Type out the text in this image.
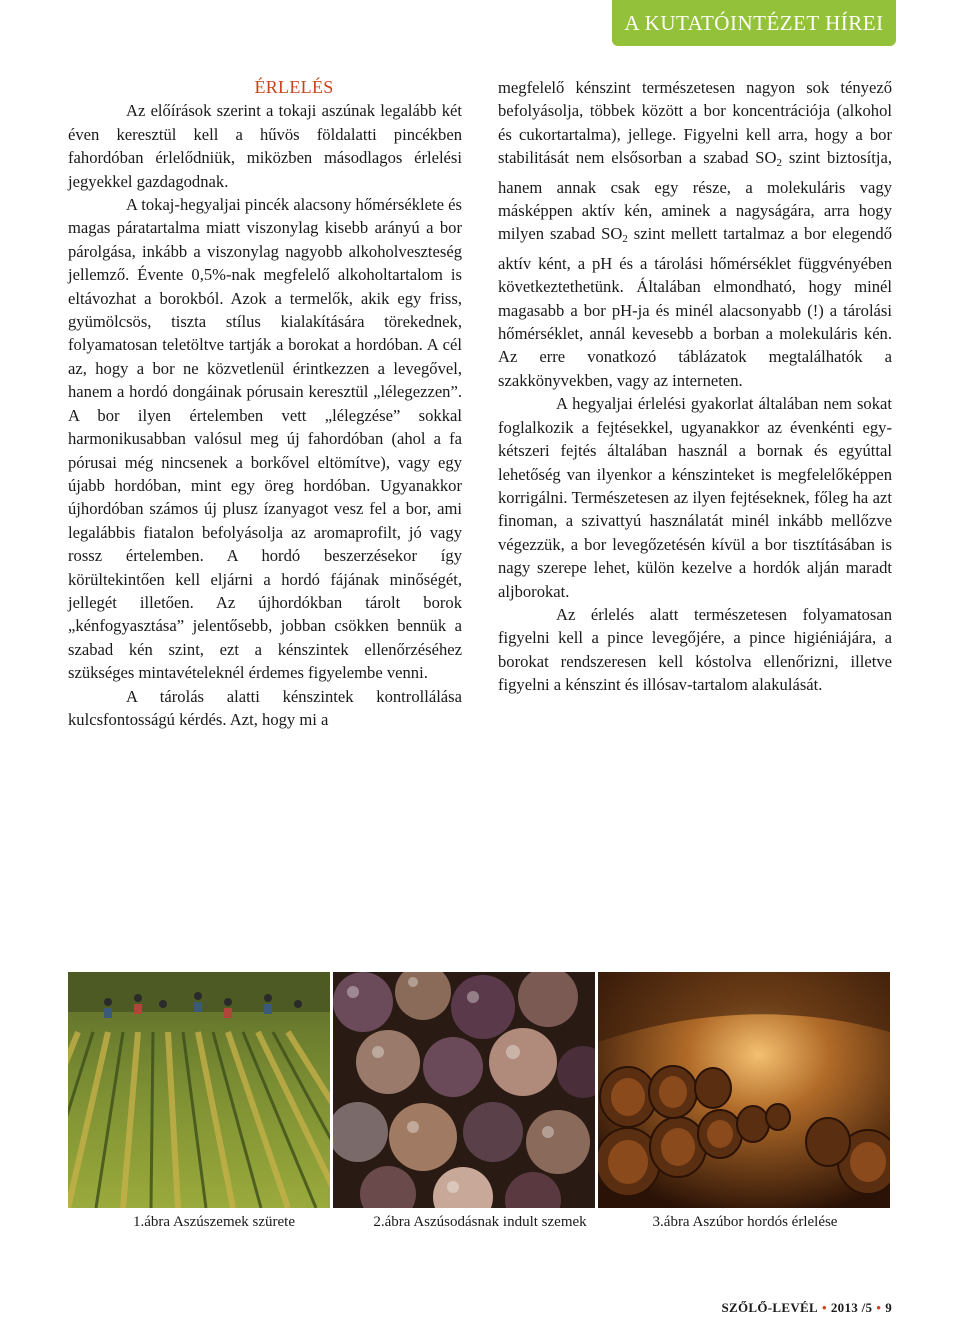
A KUTATÓINTÉZET HÍREI

ÉRLELÉS

Az előírások szerint a tokaji aszúnak legalább két éven keresztül kell a hűvös földalatti pincékben fahordóban érlelődniük, miközben másodlagos érlelési jegyekkel gazdagodnak.

A tokaj-hegyaljai pincék alacsony hőmérséklete és magas páratartalma miatt viszonylag kisebb arányú a bor párolgása, inkább a viszonylag nagyobb alkoholveszteség jellemző. Évente 0,5%-nak megfelelő alkoholtartalom is eltávozhat a borokból. Azok a termelők, akik egy friss, gyümölcsös, tiszta stílus kialakítására törekednek, folyamatosan teletöltve tartják a borokat a hordóban. A cél az, hogy a bor ne közvetlenül érintkezzen a levegővel, hanem a hordó dongáinak pórusain keresztül „lélegezzen”. A bor ilyen értelemben vett „lélegzése” sokkal harmonikusabban valósul meg új fahordóban (ahol a fa pórusai még nincsenek a borkővel eltömítve), vagy egy újabb hordóban, mint egy öreg hordóban. Ugyanakkor újhordóban számos új plusz ízanyagot vesz fel a bor, ami legalábbis fiatalon befolyásolja az aromaprofilt, jó vagy rossz értelemben. A hordó beszerzésekor így körültekintően kell eljárni a hordó fájának minőségét, jellegét illetően. Az újhordókban tárolt borok „kénfogyasztása” jelentősebb, jobban csökken bennük a szabad kén szint, ezt a kénszintek ellenőrzéséhez szükséges mintavételeknél érdemes figyelembe venni.

A tárolás alatti kénszintek kontrollálása kulcsfontosságú kérdés. Azt, hogy mi a

megfelelő kénszint természetesen nagyon sok tényező befolyásolja, többek között a bor koncentrációja (alkohol és cukortartalma), jellege. Figyelni kell arra, hogy a bor stabilitását nem elsősorban a szabad $SO_2$ szint biztosítja, hanem annak csak egy része, a molekuláris vagy másképpen aktív kén, aminek a nagyságára, arra hogy milyen szabad $SO_2$ szint mellett tartalmaz a bor elegendő aktív ként, a pH és a tárolási hőmérséklet függvényében következtethetünk. Általában elmondható, hogy minél magasabb a bor pH-ja és minél alacsonyabb (!) a tárolási hőmérséklet, annál kevesebb a borban a molekuláris kén. Az erre vonatkozó táblázatok megtalálhatók a szakkönyvekben, vagy az interneten.

A hegyaljai érlelési gyakorlat általában nem sokat foglalkozik a fejtésekkel, ugyanakkor az évenkénti egy-kétszeri fejtés általában használ a bornak és egyúttal lehetőség van ilyenkor a kénszinteket is megfelelőképpen korrigálni. Természetesen az ilyen fejtéseknek, főleg ha azt finoman, a szivattyú használatát minél inkább mellőzve végezzük, a bor levegőzetésén kívül a bor tisztításában is nagy szerepe lehet, külön kezelve a hordók alján maradt aljborokat.

Az érlelés alatt természetesen folyamatosan figyelni kell a pince levegőjére, a pince higiéniájára, a borokat rendszeresen kell kóstolva ellenőrizni, illetve figyelni a kénszint és illósav-tartalom alakulását.

1.ábra Aszúszemek szürete	2.ábra Aszúsodásnak indult szemek	3.ábra Aszúbor hordós érlelése
SZŐLŐ-LEVÉL • 2013 /5 • 9
